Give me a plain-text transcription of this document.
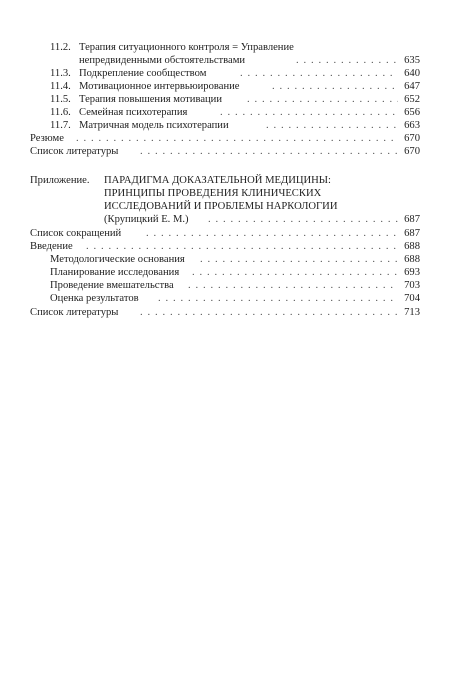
11.2. Терапия ситуационного контроля = Управление
непредвиденными обстоятельствами . . .	635
11.3. Подкрепление сообществом . . .	640
11.4. Мотивационное интервьюирование . . .	647
11.5. Терапия повышения мотивации . . .	652
11.6. Семейная психотерапия . . .	656
11.7. Матричная модель психотерапии . . .	663
Резюме . . .	670
Список литературы . . .	670
Приложение. ПАРАДИГМА ДОКАЗАТЕЛЬНОЙ МЕДИЦИНЫ:
ПРИНЦИПЫ ПРОВЕДЕНИЯ КЛИНИЧЕСКИХ
ИССЛЕДОВАНИЙ И ПРОБЛЕМЫ НАРКОЛОГИИ
(Крупицкий Е. М.) . . .	687
Список сокращений . . .	687
Введение . . .	688
Методологические основания . . .	688
Планирование исследования . . .	693
Проведение вмешательства . . .	703
Оценка результатов . . .	704
Список литературы . . .	713
